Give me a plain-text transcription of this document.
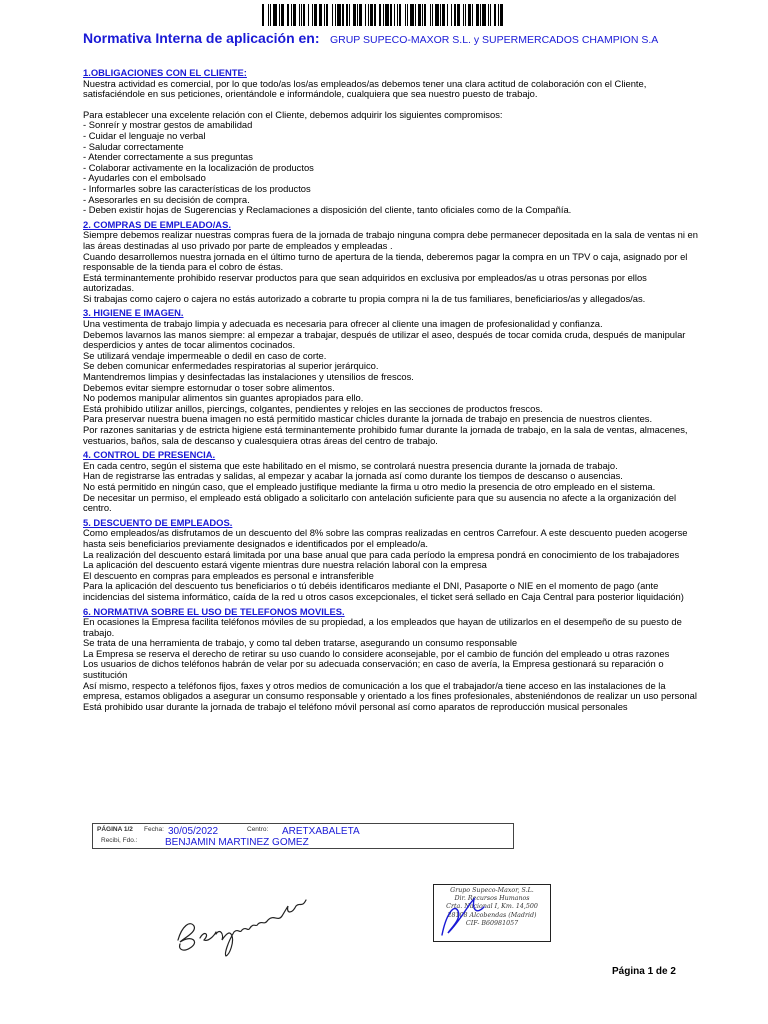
Normativa Interna de aplicación en: GRUP SUPECO-MAXOR S.L. y SUPERMERCADOS CHAMPION S.A
1.OBLIGACIONES CON EL CLIENTE:

Nuestra actividad es comercial, por lo que todo/as los/as empleados/as debemos tener una clara actitud de colaboración con el Cliente, satisfaciéndole en sus peticiones, orientándole e informándole, cualquiera que sea nuestro puesto de trabajo.

Para establecer una excelente relación con el Cliente, debemos adquirir los siguientes compromisos:

- Sonreír y mostrar gestos de amabilidad

- Cuidar el lenguaje no verbal

- Saludar correctamente

- Atender correctamente a sus preguntas

- Colaborar activamente en la localización de productos

- Ayudarles con el embolsado

- Informarles sobre las características de los productos

- Asesorarles en su decisión de compra.

- Deben existir hojas de Sugerencias y Reclamaciones a disposición del cliente, tanto oficiales como de la Compañía.

2. COMPRAS DE EMPLEADO/AS.

Siempre debemos realizar nuestras compras fuera de la jornada de trabajo ninguna compra debe permanecer depositada en la sala de ventas ni en las áreas destinadas al uso privado por parte de empleados y empleadas .

Cuando desarrollemos nuestra jornada en el último turno de apertura de la tienda, deberemos pagar la compra en un TPV o caja, asignado por el responsable de la tienda para el cobro de éstas.

Está terminantemente prohibido reservar productos para que sean adquiridos en exclusiva por empleados/as u otras personas por ellos autorizadas.

Si trabajas como cajero o cajera no estás autorizado a cobrarte tu propia compra ni la de tus familiares, beneficiarios/as y allegados/as.

3. HIGIENE E IMAGEN.

Una vestimenta de trabajo limpia y adecuada es necesaria para ofrecer al cliente una imagen de profesionalidad y confianza.

Debemos lavarnos las manos siempre: al empezar a trabajar, después de utilizar el aseo, después de tocar comida cruda, después de manipular desperdicios y antes de tocar alimentos cocinados.

Se utilizará vendaje impermeable o dedil en caso de corte.

Se deben comunicar enfermedades respiratorias al superior jerárquico.

Mantendremos limpias y desinfectadas las instalaciones y utensilios de frescos.

Debemos evitar siempre estornudar o toser sobre alimentos.

No podemos manipular alimentos sin guantes apropiados para ello.

Está prohibido utilizar anillos, piercings, colgantes, pendientes y relojes en las secciones de productos frescos.

Para preservar nuestra buena imagen no está permitido masticar chicles durante la jornada de trabajo en presencia de nuestros clientes.

Por razones sanitarias y de estricta higiene está terminantemente prohibido fumar durante la jornada de trabajo, en la sala de ventas, almacenes, vestuarios, baños, sala de descanso y cualesquiera otras áreas del centro de trabajo.

4. CONTROL DE PRESENCIA.

En cada centro, según el sistema que este habilitado en el mismo, se controlará nuestra presencia durante la jornada de trabajo.

Han de registrarse las entradas y salidas, al empezar y acabar la jornada así como durante los tiempos de descanso o ausencias.

No está permitido en ningún caso, que el empleado justifique mediante la firma u otro medio la presencia de otro empleado en el sistema.

De necesitar un permiso, el empleado está obligado a solicitarlo con antelación suficiente para que su ausencia no afecte a la organización del centro.

5. DESCUENTO DE EMPLEADOS.

Como empleados/as disfrutamos de un descuento del 8% sobre las compras realizadas en centros Carrefour. A este descuento pueden acogerse hasta seis beneficiarios previamente designados e identificados por el empleado/a.

La realización del descuento estará limitada por una base anual que para cada período la empresa pondrá en conocimiento de los trabajadores

La aplicación del descuento estará vigente mientras dure nuestra relación laboral con la empresa

El descuento en compras para empleados es personal e intransferible

Para la aplicación del descuento tus beneficiarios o tú debéis identificaros mediante el DNI, Pasaporte o NIE en el momento de pago (ante incidencias del sistema informático, caída de la red u otros casos excepcionales, el ticket será sellado en Caja Central para posterior liquidación)

6. NORMATIVA SOBRE EL USO DE TELEFONOS MOVILES.

En ocasiones la Empresa facilita teléfonos móviles de su propiedad, a los empleados que hayan de utilizarlos en el desempeño de su puesto de trabajo.

Se trata de una herramienta de trabajo, y como tal deben tratarse, asegurando un consumo responsable

La Empresa se reserva el derecho de retirar su uso cuando lo considere aconsejable, por el cambio de función del empleado u otras razones

Los usuarios de dichos teléfonos habrán de velar por su adecuada conservación; en caso de avería, la Empresa gestionará su reparación o sustitución

Así mismo, respecto a teléfonos fijos, faxes y otros medios de comunicación a los que el trabajador/a tiene acceso en las instalaciones de la empresa, estamos obligados a asegurar un consumo responsable y orientado a los fines profesionales, absteniéndonos de realizar un uso personal

Está prohibido usar durante la jornada de trabajo el teléfono móvil personal así como aparatos de reproducción musical personales

PÁGINA 1/2 Fecha: 30/05/2022	Centro: ARETXABALETA
Recibi, Fdo.:	BENJAMIN MARTINEZ GOMEZ
Grupo Supeco-Maxor, S.L.
Dir. Recursos Humanos
Crta. Nacional I, Km. 14,500
28108 Alcobendas (Madrid)
CIF- B60981057
Página 1 de 2
